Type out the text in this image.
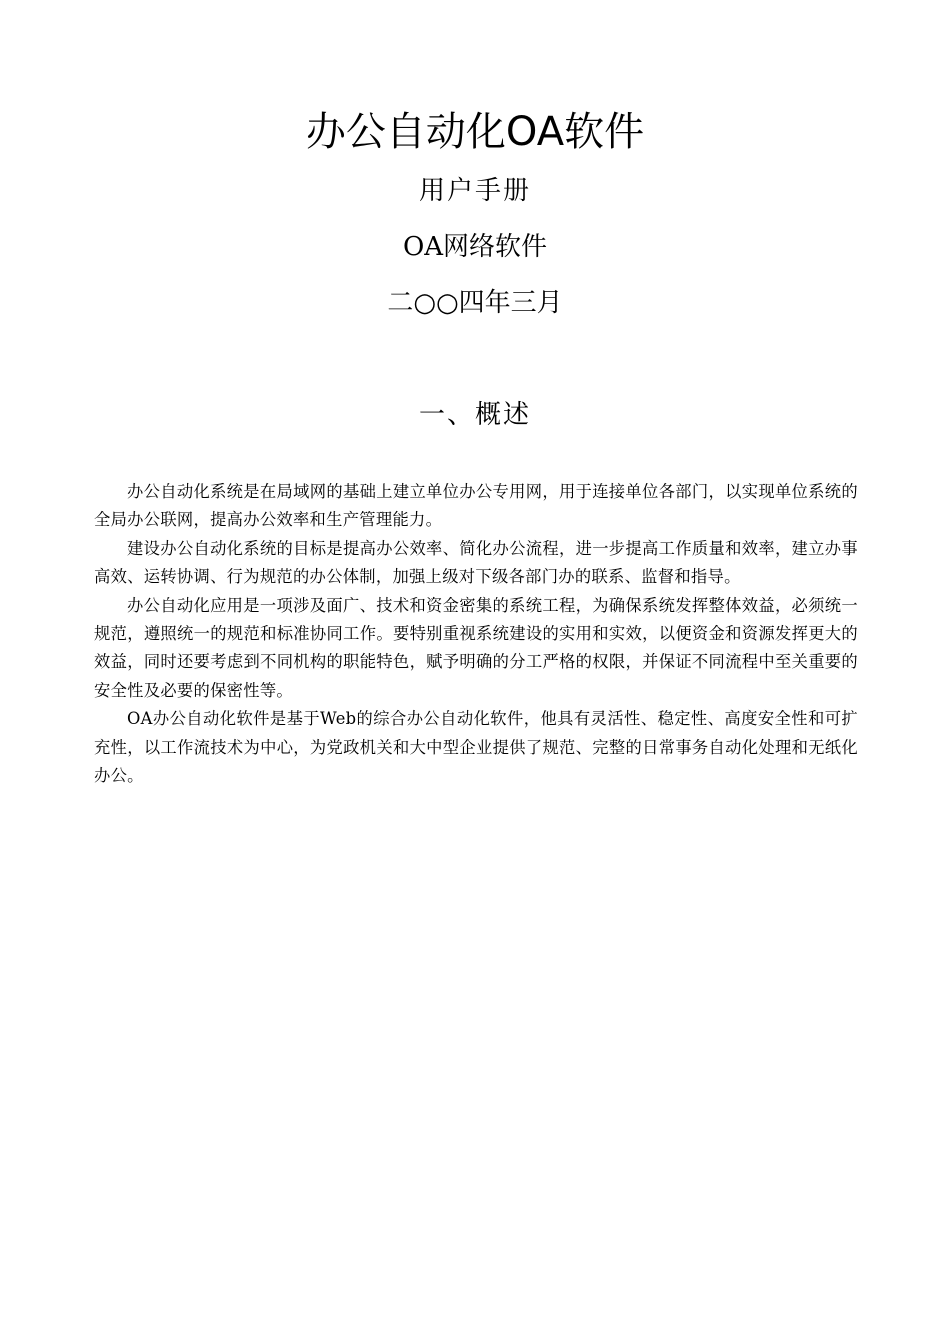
办公自动化OA软件
用户手册
OA网络软件
二○○四年三月
一、概述

办公自动化系统是在局域网的基础上建立单位办公专用网，用于连接单位各部门，以实现单位系统的全局办公联网，提高办公效率和生产管理能力。

建设办公自动化系统的目标是提高办公效率、简化办公流程，进一步提高工作质量和效率，建立办事高效、运转协调、行为规范的办公体制，加强上级对下级各部门办的联系、监督和指导。

办公自动化应用是一项涉及面广、技术和资金密集的系统工程，为确保系统发挥整体效益，必须统一规范，遵照统一的规范和标准协同工作。要特别重视系统建设的实用和实效，以便资金和资源发挥更大的效益，同时还要考虑到不同机构的职能特色，赋予明确的分工严格的权限，并保证不同流程中至关重要的安全性及必要的保密性等。

OA办公自动化软件是基于Web的综合办公自动化软件，他具有灵活性、稳定性、高度安全性和可扩充性，以工作流技术为中心，为党政机关和大中型企业提供了规范、完整的日常事务自动化处理和无纸化办公。
